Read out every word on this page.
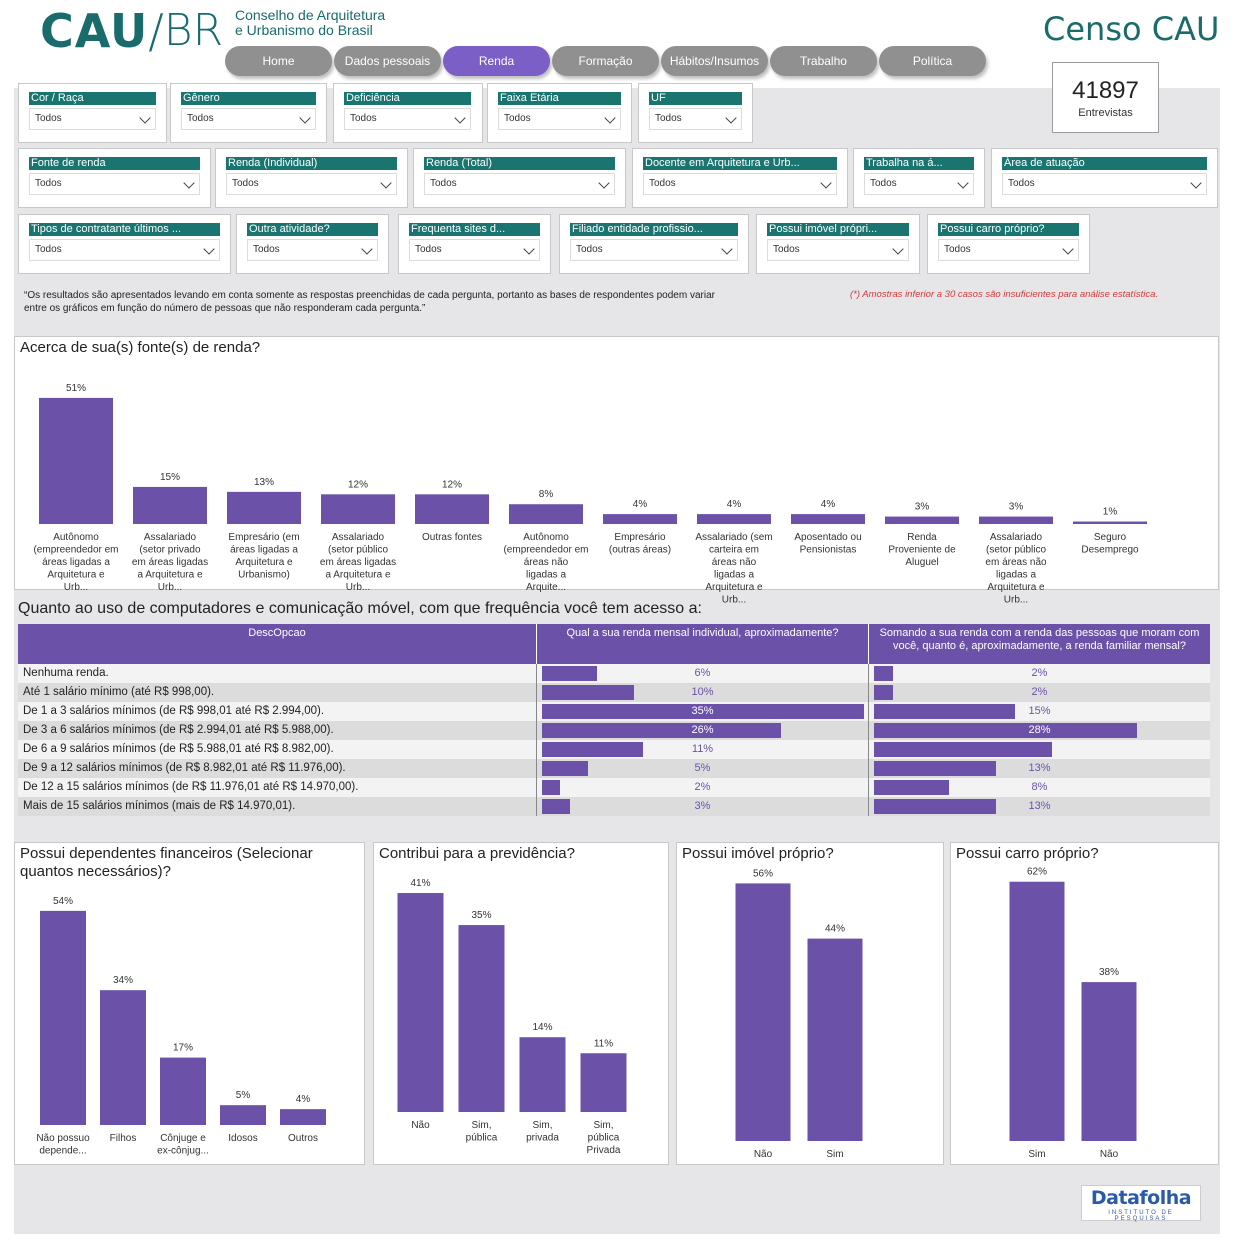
CAU / BR Conselho de Arquitetura e Urbanismo do Brasil	Censo CAU
Home	Dados pessoais	Renda	Formação	Hábitos/Insumos	Trabalho	Política
41897
Entrevistas
Cor / Raça
Todos
Gênero
Todos
Deficiência
Todos
Faixa Etária
Todos
UF
Todos
Fonte de renda
Todos
Renda (Individual)
Todos
Renda (Total)
Todos
Docente em Arquitetura e Urb...
Todos
Trabalha na á...
Todos
Área de atuação
Todos
Tipos de contratante últimos ...
Todos
Outra atividade?
Todos
Frequenta sites d...
Todos
Filiado entidade profissio...
Todos
Possui imóvel própri...
Todos
Possui carro próprio?
Todos
“Os resultados são apresentados levando em conta somente as respostas preenchidas de cada pergunta, portanto as bases de respondentes podem variar entre os gráficos em função do número de pessoas que não responderam cada pergunta.”
(*) Amostras inferior a 30 casos são insuficientes para análise estatística.
Acerca de sua(s) fonte(s) de renda?
51%
Autônomo (empreendedor em áreas ligadas a Arquitetura e Urb...
15%
Assalariado (setor privado em áreas ligadas a Arquitetura e Urb...
13%
Empresário (em áreas ligadas a Arquitetura e Urbanismo)
12%
Assalariado (setor público em áreas ligadas a Arquitetura e Urb...
12%
Outras fontes
8%
Autônomo (empreendedor em áreas não ligadas a Arquite...
4%
Empresário (outras áreas)
4%
Assalariado (sem carteira em áreas não ligadas a Arquitetura e Urb...
4%
Aposentado ou Pensionistas
3%
Renda Proveniente de Aluguel
3%
Assalariado (setor público em áreas não ligadas a Arquitetura e Urb...
1%
Seguro Desemprego
Quanto ao uso de computadores e comunicação móvel, com que frequência você tem acesso a:
DescOpcao	Qual a sua renda mensal individual, aproximadamente?	Somando a sua renda com a renda das pessoas que moram com você, quanto é, aproximadamente, a renda familiar mensal?
Nenhuma renda.	6%	2%
Até 1 salário mínimo (até R$ 998,00).	10%	2%
De 1 a 3 salários mínimos (de R$ 998,01 até R$ 2.994,00).	35%	15%
De 3 a 6 salários mínimos (de R$ 2.994,01 até R$ 5.988,00).	26%	28%
De 6 a 9 salários mínimos (de R$ 5.988,01 até R$ 8.982,00).	11%	19%
De 9 a 12 salários mínimos (de R$ 8.982,01 até R$ 11.976,00).	5%	13%
De 12 a 15 salários mínimos (de R$ 11.976,01 até R$ 14.970,00).	2%	8%
Mais de 15 salários mínimos (mais de R$ 14.970,01).	3%	13%
Possui dependentes financeiros (Selecionar quantos necessários)?
54%
Não possuo depende...
34%
Filhos
17%
Cônjuge e ex-cônjug...
5%
Idosos
4%
Outros
Contribui para a previdência?
41%
Não
35%
Sim, pública
14%
Sim, privada
11%
Sim, pública Privada
Possui imóvel próprio?
56%
Não
44%
Sim
Possui carro próprio?
62%
Sim
38%
Não
Datafolha
INSTITUTO DE PESQUISAS
